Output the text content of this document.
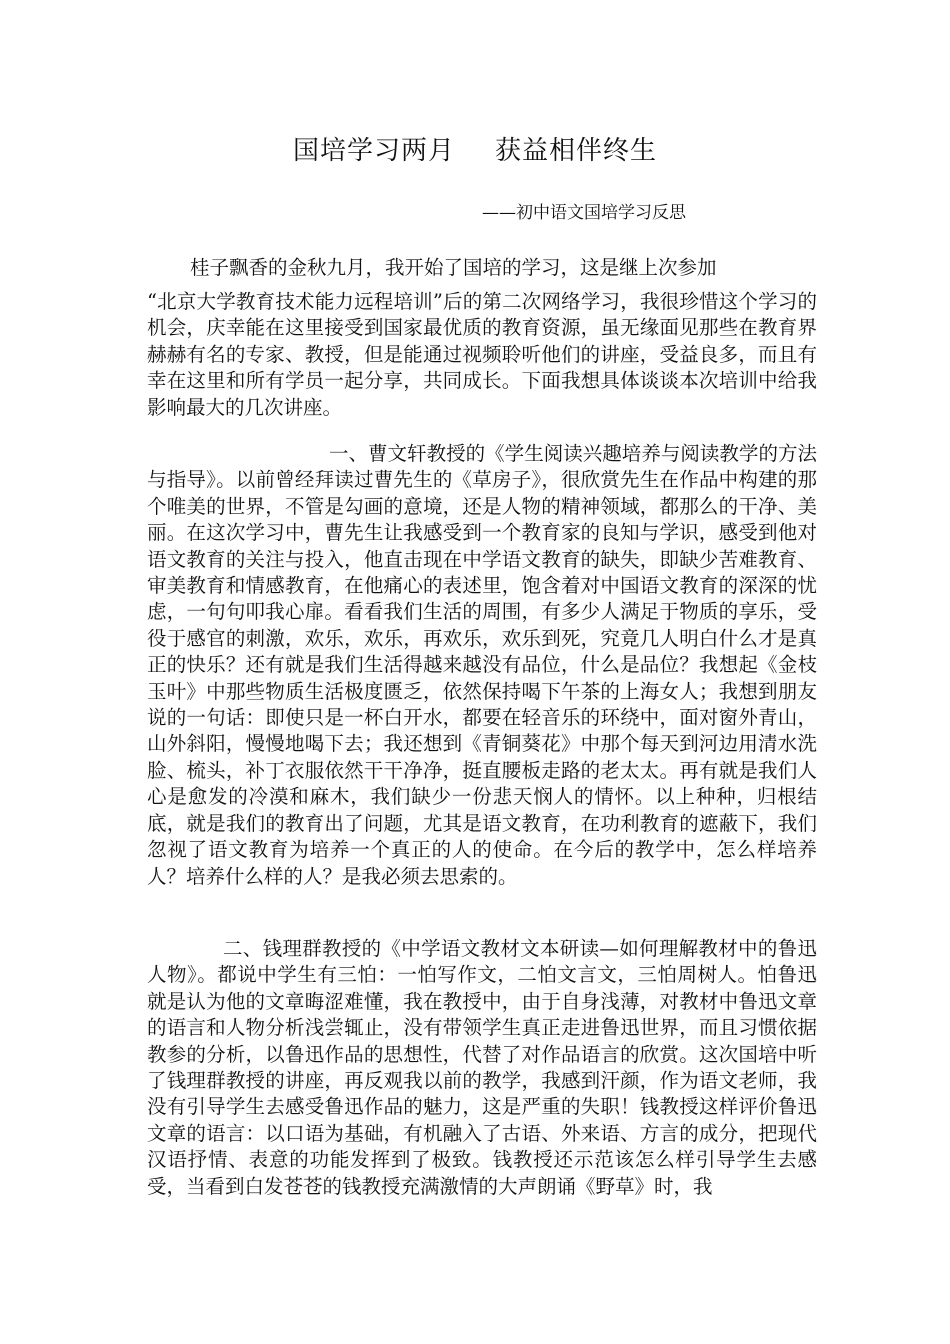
国培学习两月 获益相伴终生
——初中语文国培学习反思

桂子飘香的金秋九月，我开始了国培的学习，这是继上次参加

“北京大学教育技术能力远程培训”后的第二次网络学习，我很珍惜这个学习的机会，庆幸能在这里接受到国家最优质的教育资源，虽无缘面见那些在教育界赫赫有名的专家、教授，但是能通过视频聆听他们的讲座，受益良多，而且有幸在这里和所有学员一起分享，共同成长。下面我想具体谈谈本次培训中给我影响最大的几次讲座。

一、曹文轩教授的《学生阅读兴趣培养与阅读教学的方法与指导》。以前曾经拜读过曹先生的《草房子》，很欣赏先生在作品中构建的那个唯美的世界，不管是勾画的意境，还是人物的精神领域，都那么的干净、美丽。在这次学习中，曹先生让我感受到一个教育家的良知与学识，感受到他对语文教育的关注与投入，他直击现在中学语文教育的缺失，即缺少苦难教育、审美教育和情感教育，在他痛心的表述里，饱含着对中国语文教育的深深的忧虑，一句句叩我心扉。看看我们生活的周围，有多少人满足于物质的享乐，受役于感官的刺激，欢乐，欢乐，再欢乐，欢乐到死，究竟几人明白什么才是真正的快乐？还有就是我们生活得越来越没有品位，什么是品位？我想起《金枝玉叶》中那些物质生活极度匮乏，依然保持喝下午茶的上海女人；我想到朋友说的一句话：即使只是一杯白开水，都要在轻音乐的环绕中，面对窗外青山，山外斜阳，慢慢地喝下去；我还想到《青铜葵花》中那个每天到河边用清水洗脸、梳头，补丁衣服依然干干净净，挺直腰板走路的老太太。再有就是我们人心是愈发的冷漠和麻木，我们缺少一份悲天悯人的情怀。以上种种，归根结底，就是我们的教育出了问题，尤其是语文教育，在功利教育的遮蔽下，我们忽视了语文教育为培养一个真正的人的使命。在今后的教学中，怎么样培养人？培养什么样的人？是我必须去思索的。

二、钱理群教授的《中学语文教材文本研读—如何理解教材中的鲁迅人物》。都说中学生有三怕：一怕写作文，二怕文言文，三怕周树人。怕鲁迅就是认为他的文章晦涩难懂，我在教授中，由于自身浅薄，对教材中鲁迅文章的语言和人物分析浅尝辄止，没有带领学生真正走进鲁迅世界，而且习惯依据教参的分析，以鲁迅作品的思想性，代替了对作品语言的欣赏。这次国培中听了钱理群教授的讲座，再反观我以前的教学，我感到汗颜，作为语文老师，我没有引导学生去感受鲁迅作品的魅力，这是严重的失职！钱教授这样评价鲁迅文章的语言：以口语为基础，有机融入了古语、外来语、方言的成分，把现代汉语抒情、表意的功能发挥到了极致。钱教授还示范该怎么样引导学生去感受，当看到白发苍苍的钱教授充满激情的大声朗诵《野草》时，我
